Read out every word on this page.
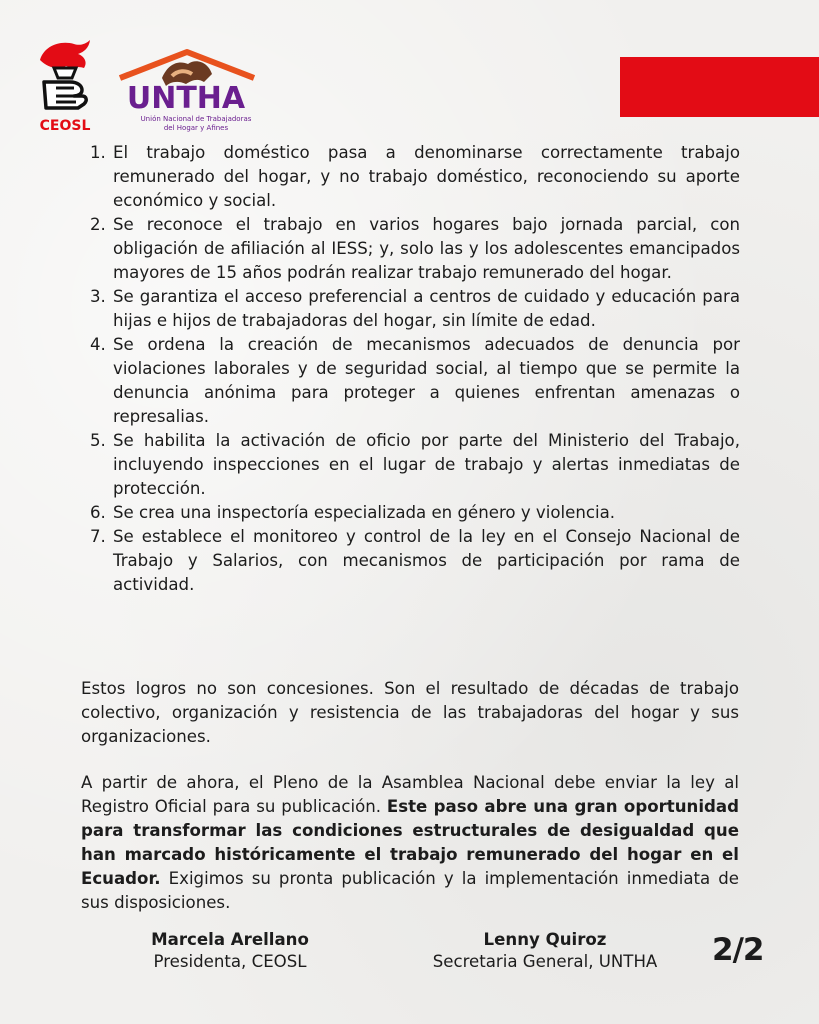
CEOSL
UNTHA
Unión Nacional de Trabajadoras
del Hogar y Afines
1. El trabajo doméstico pasa a denominarse correctamente trabajo remunerado del hogar, y no trabajo doméstico, reconociendo su aporte económico y social.
2. Se reconoce el trabajo en varios hogares bajo jornada parcial, con obligación de afiliación al IESS; y, solo las y los adolescentes emancipados mayores de 15 años podrán realizar trabajo remunerado del hogar.
3. Se garantiza el acceso preferencial a centros de cuidado y educación para hijas e hijos de trabajadoras del hogar, sin límite de edad.
4. Se ordena la creación de mecanismos adecuados de denuncia por violaciones laborales y de seguridad social, al tiempo que se permite la denuncia anónima para proteger a quienes enfrentan amenazas o represalias.
5. Se habilita la activación de oficio por parte del Ministerio del Trabajo, incluyendo inspecciones en el lugar de trabajo y alertas inmediatas de protección.
6. Se crea una inspectoría especializada en género y violencia.
7. Se establece el monitoreo y control de la ley en el Consejo Nacional de Trabajo y Salarios, con mecanismos de participación por rama de actividad.

Estos logros no son concesiones. Son el resultado de décadas de trabajo colectivo, organización y resistencia de las trabajadoras del hogar y sus organizaciones.

A partir de ahora, el Pleno de la Asamblea Nacional debe enviar la ley al Registro Oficial para su publicación. Este paso abre una gran oportunidad para transformar las condiciones estructurales de desigualdad que han marcado históricamente el trabajo remunerado del hogar en el Ecuador. Exigimos su pronta publicación y la implementación inmediata de sus disposiciones.

Marcela Arellano
Presidenta, CEOSL
Lenny Quiroz
Secretaria General, UNTHA	2/2
